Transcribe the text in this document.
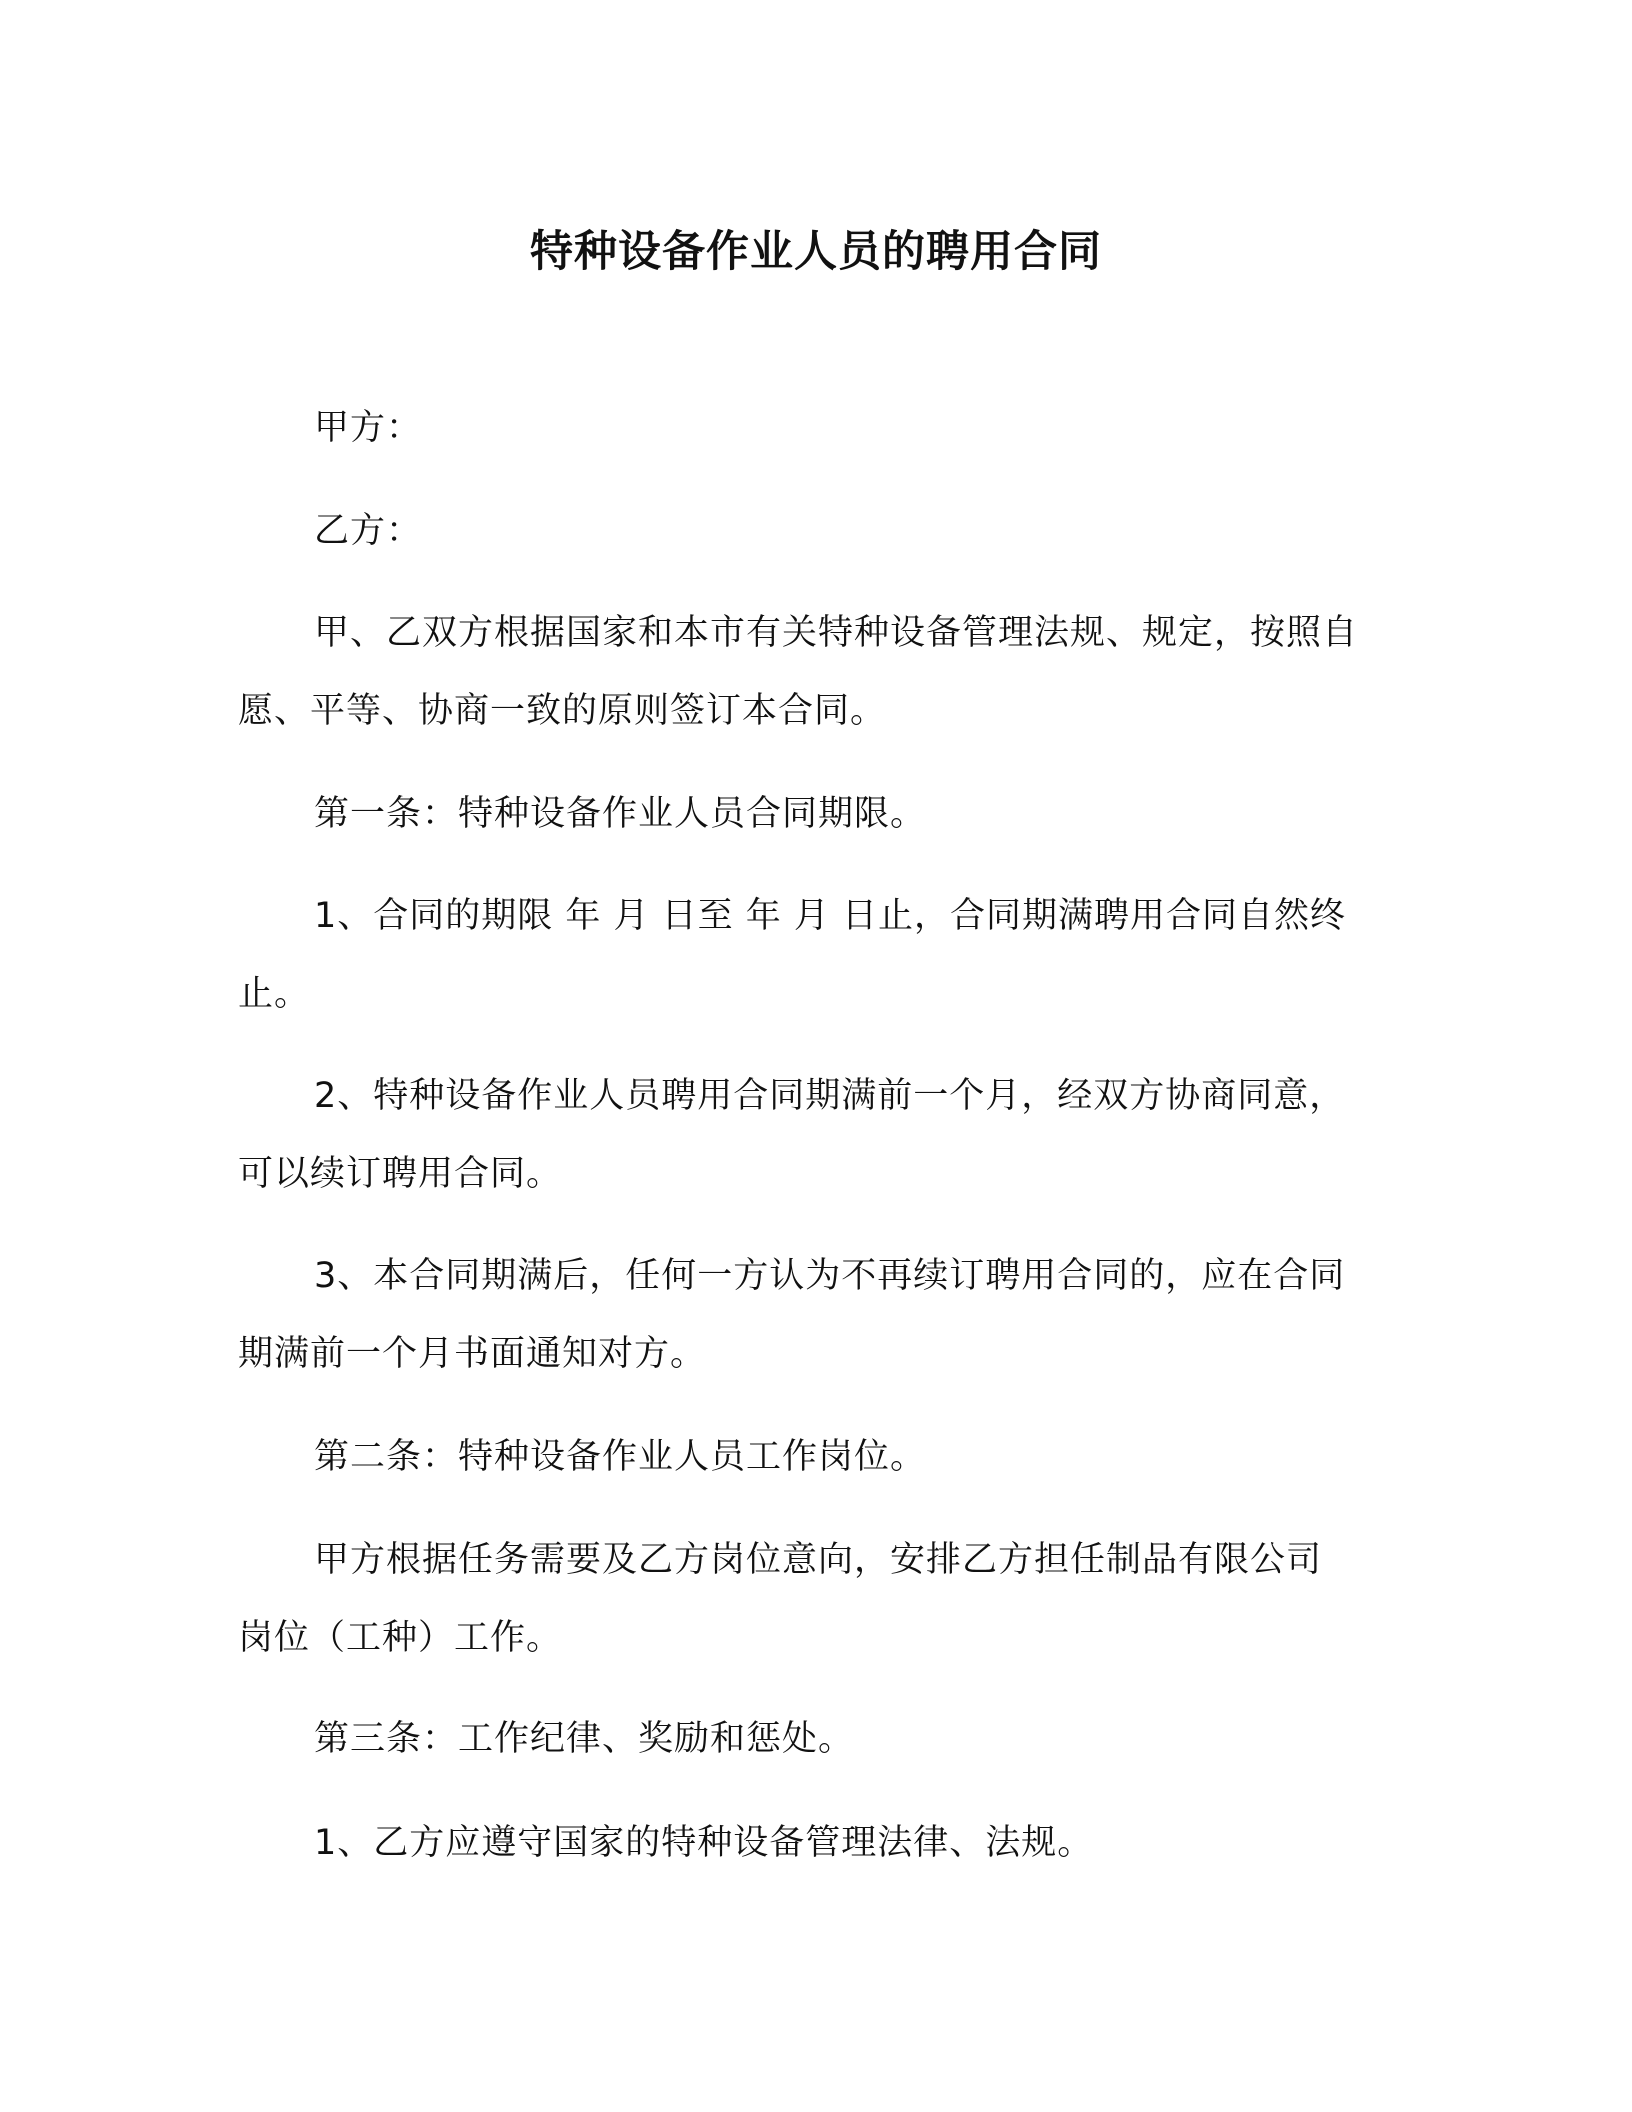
特种设备作业人员的聘用合同

甲方：

乙方：

甲、乙双方根据国家和本市有关特种设备管理法规、规定，按照自愿、平等、协商一致的原则签订本合同。

第一条：特种设备作业人员合同期限。

1、合同的期限 年 月 日至 年 月 日止，合同期满聘用合同自然终止。

2、特种设备作业人员聘用合同期满前一个月，经双方协商同意，可以续订聘用合同。

3、本合同期满后，任何一方认为不再续订聘用合同的，应在合同期满前一个月书面通知对方。

第二条：特种设备作业人员工作岗位。

甲方根据任务需要及乙方岗位意向，安排乙方担任制品有限公司 岗位（工种）工作。

第三条：工作纪律、奖励和惩处。

1、乙方应遵守国家的特种设备管理法律、法规。
